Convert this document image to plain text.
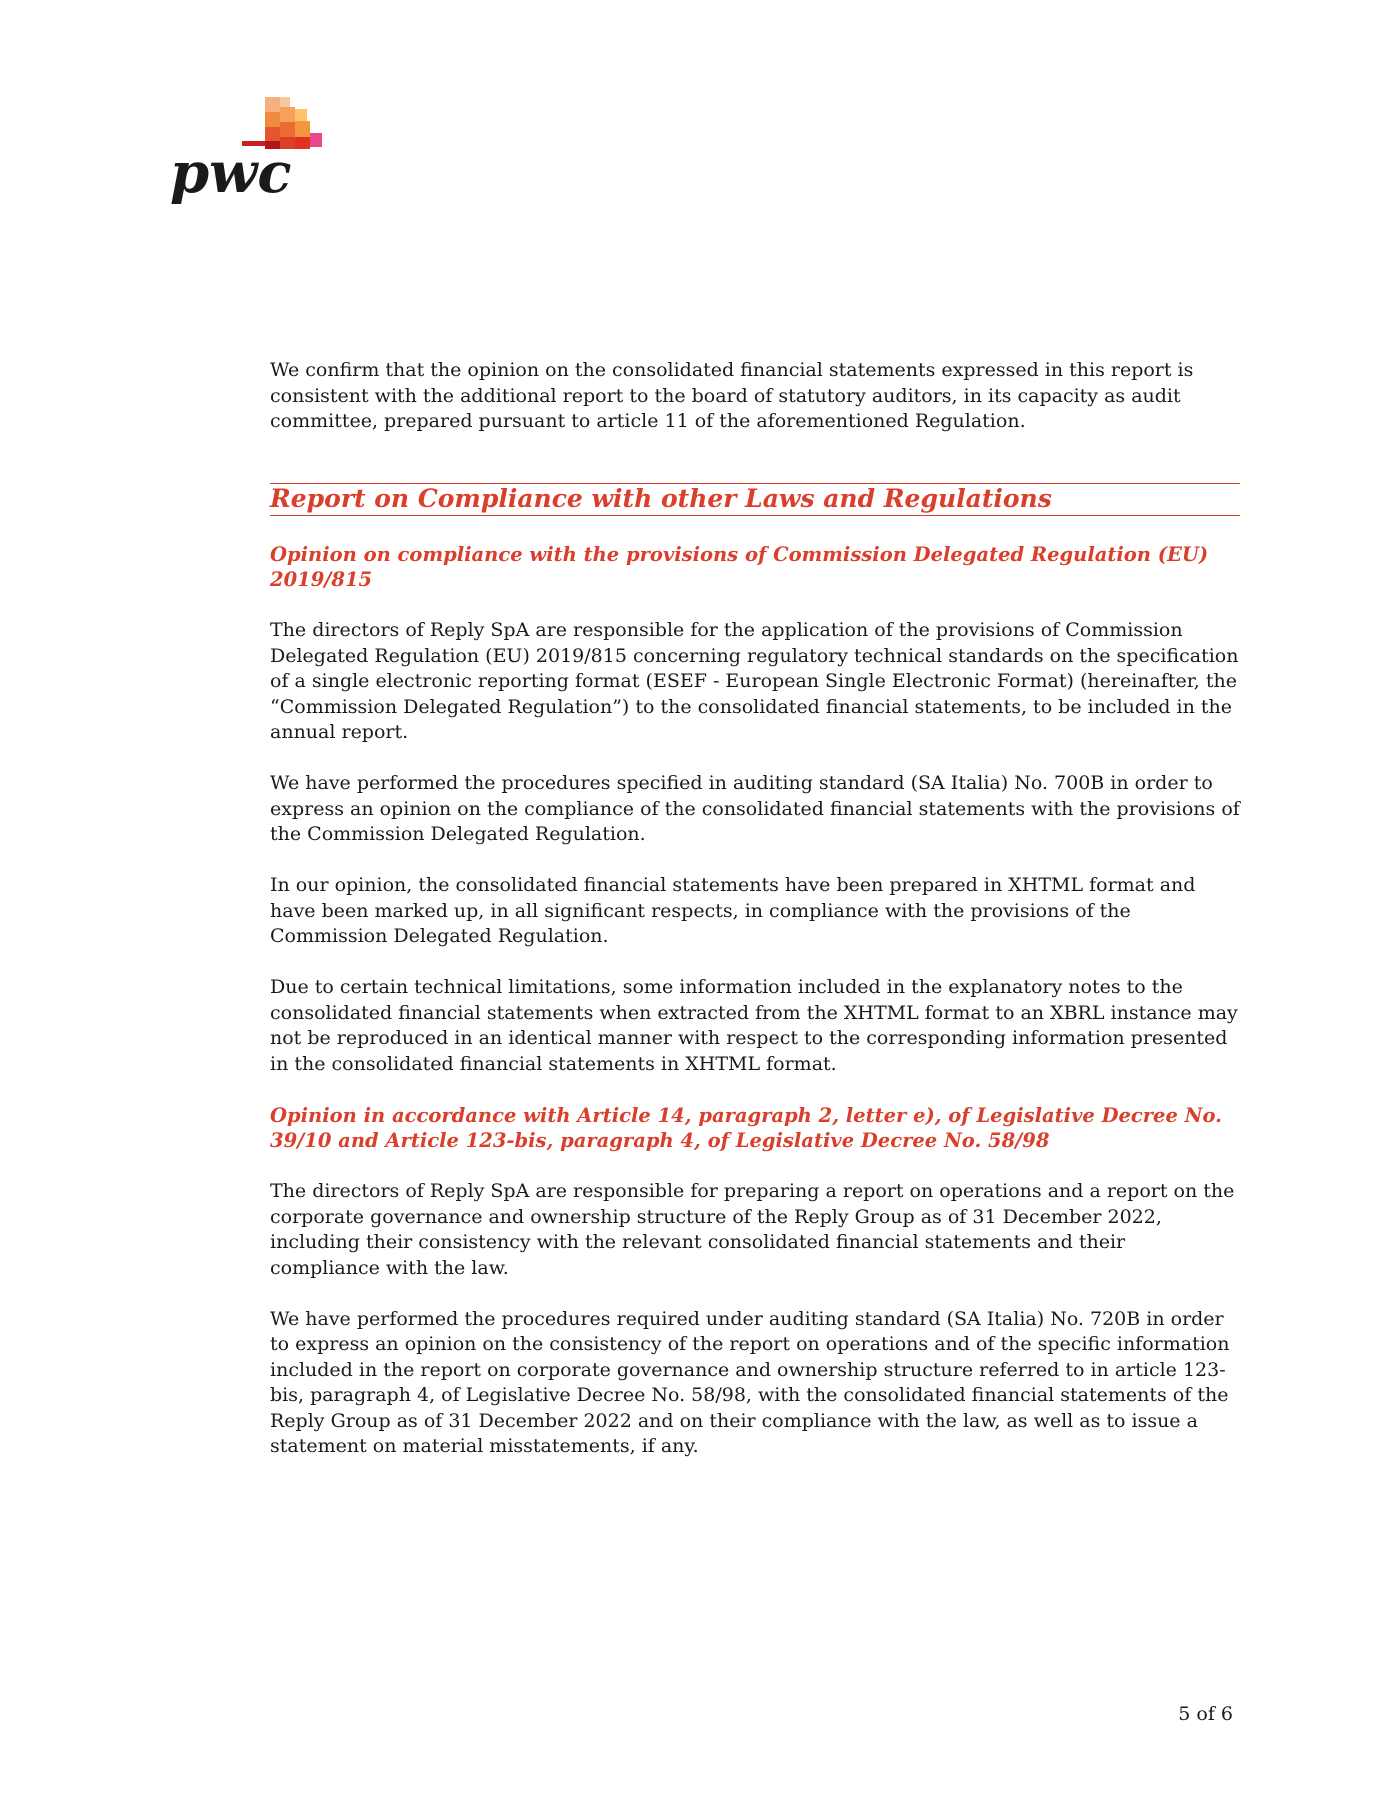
pwc

We confirm that the opinion on the consolidated financial statements expressed in this report is consistent with the additional report to the board of statutory auditors, in its capacity as audit committee, prepared pursuant to article 11 of the aforementioned Regulation.

Report on Compliance with other Laws and Regulations
Opinion on compliance with the provisions of Commission Delegated Regulation (EU) 2019/815

The directors of Reply SpA are responsible for the application of the provisions of Commission Delegated Regulation (EU) 2019/815 concerning regulatory technical standards on the specification of a single electronic reporting format (ESEF - European Single Electronic Format) (hereinafter, the “Commission Delegated Regulation”) to the consolidated financial statements, to be included in the annual report.

We have performed the procedures specified in auditing standard (SA Italia) No. 700B in order to express an opinion on the compliance of the consolidated financial statements with the provisions of the Commission Delegated Regulation.

In our opinion, the consolidated financial statements have been prepared in XHTML format and have been marked up, in all significant respects, in compliance with the provisions of the Commission Delegated Regulation.

Due to certain technical limitations, some information included in the explanatory notes to the consolidated financial statements when extracted from the XHTML format to an XBRL instance may not be reproduced in an identical manner with respect to the corresponding information presented in the consolidated financial statements in XHTML format.

Opinion in accordance with Article 14, paragraph 2, letter e), of Legislative Decree No. 39/10 and Article 123-bis, paragraph 4, of Legislative Decree No. 58/98

The directors of Reply SpA are responsible for preparing a report on operations and a report on the corporate governance and ownership structure of the Reply Group as of 31 December 2022, including their consistency with the relevant consolidated financial statements and their compliance with the law.

We have performed the procedures required under auditing standard (SA Italia) No. 720B in order to express an opinion on the consistency of the report on operations and of the specific information included in the report on corporate governance and ownership structure referred to in article 123-bis, paragraph 4, of Legislative Decree No. 58/98, with the consolidated financial statements of the Reply Group as of 31 December 2022 and on their compliance with the law, as well as to issue a statement on material misstatements, if any.

5 of 6
